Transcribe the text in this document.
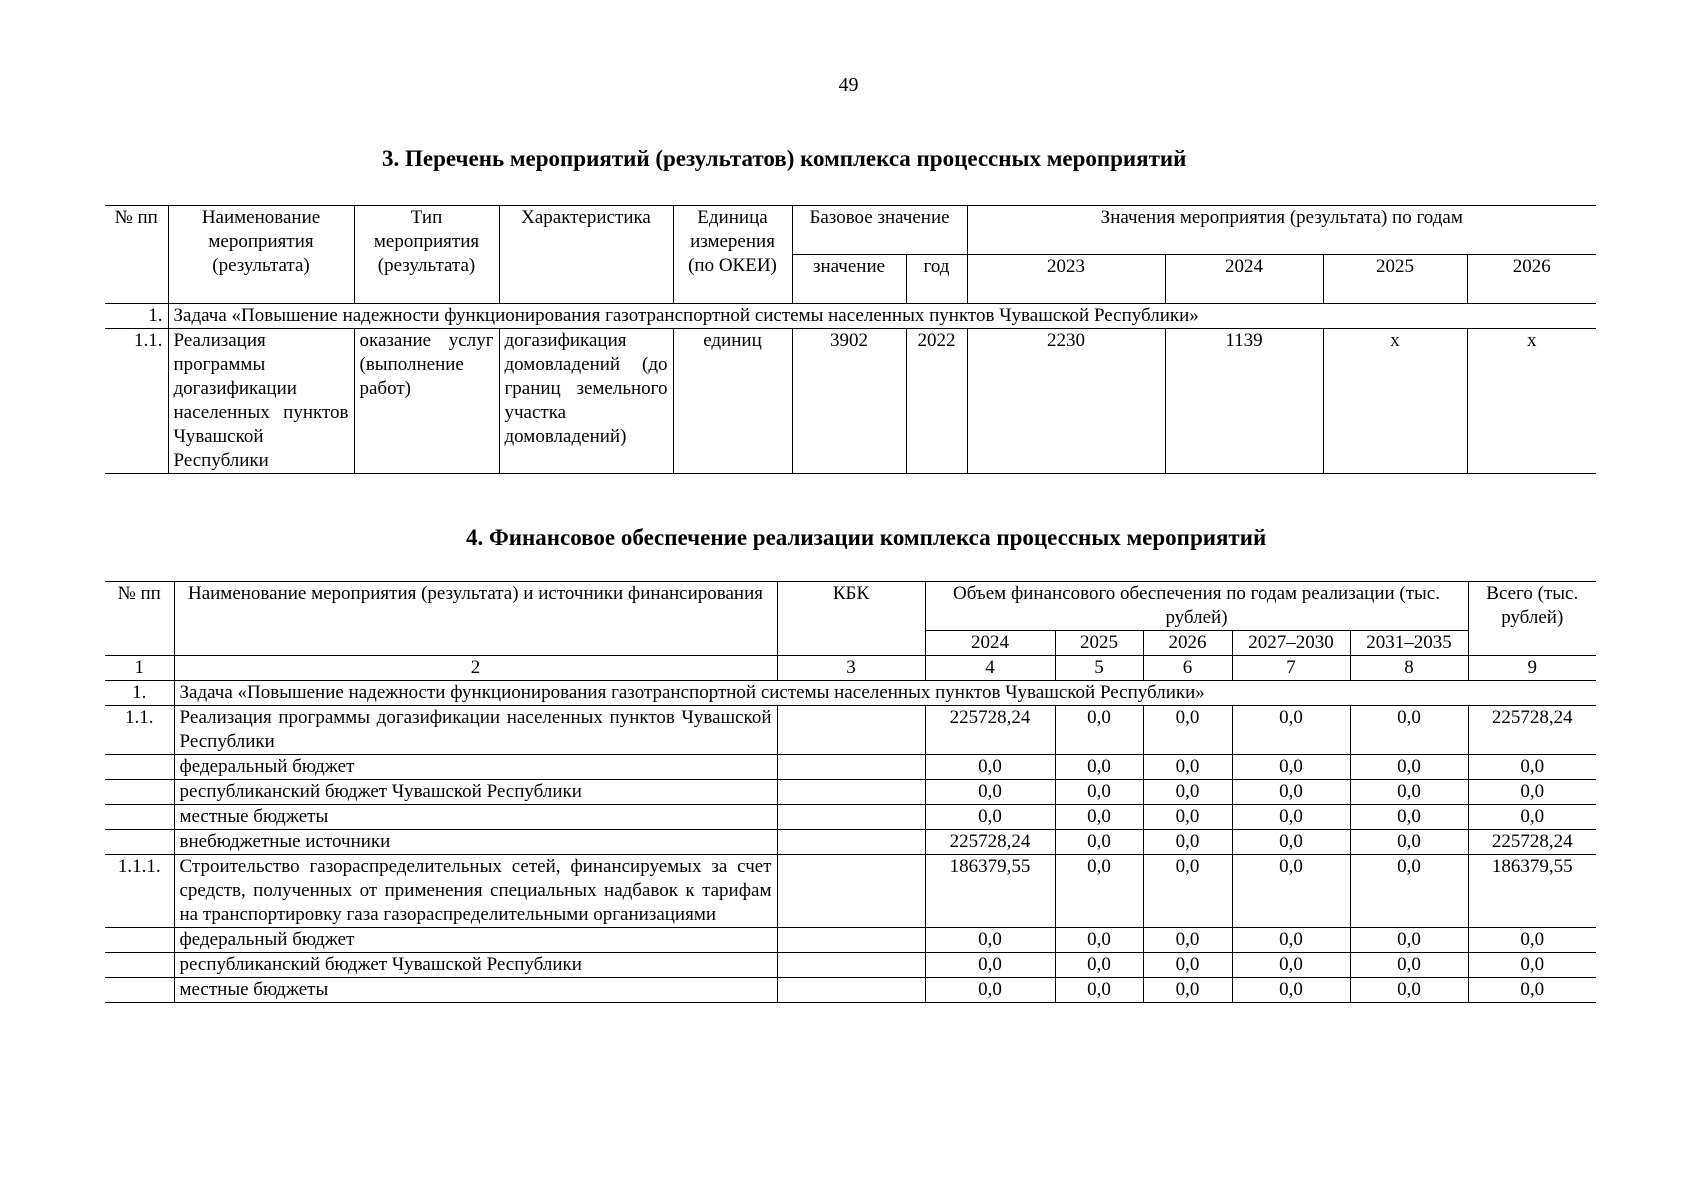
49
3. Перечень мероприятий (результатов) комплекса процессных мероприятий
№ пп	Наименование мероприятия (результата)	Тип мероприятия (результата)	Характеристика	Единица измерения (по ОКЕИ)	Базовое значение		Значения мероприятия (результата) по годам			
					значение	год	2023	2024	2025	2026
1.	Задача «Повышение надежности функционирования газотранспортной системы населенных пунктов Чувашской Республики»									
1.1.	Реализация программы догазификации населенных пунктов Чувашской Республики	оказание услуг (выполнение работ)	догазификация домовладений (до границ земельного участка домовладений)	единиц	3902	2022	2230	1139	х	х
4. Финансовое обеспечение реализации комплекса процессных мероприятий
№ пп	Наименование мероприятия (результата) и источники финансирования	КБК	Объем финансового обеспечения по годам реализации (тыс. рублей)					Всего (тыс. рублей)
			2024	2025	2026	2027–2030	2031–2035	
1	2	3	4	5	6	7	8	9
1.	Задача «Повышение надежности функционирования газотранспортной системы населенных пунктов Чувашской Республики»							
1.1.	Реализация программы догазификации населенных пунктов Чувашской Республики		225728,24	0,0	0,0	0,0	0,0	225728,24
	федеральный бюджет		0,0	0,0	0,0	0,0	0,0	0,0
	республиканский бюджет Чувашской Республики		0,0	0,0	0,0	0,0	0,0	0,0
	местные бюджеты		0,0	0,0	0,0	0,0	0,0	0,0
	внебюджетные источники		225728,24	0,0	0,0	0,0	0,0	225728,24
1.1.1.	Строительство газораспределительных сетей, финансируемых за счет средств, полученных от применения специальных надбавок к тарифам на транспортировку газа газораспределительными организациями		186379,55	0,0	0,0	0,0	0,0	186379,55
	федеральный бюджет		0,0	0,0	0,0	0,0	0,0	0,0
	республиканский бюджет Чувашской Республики		0,0	0,0	0,0	0,0	0,0	0,0
	местные бюджеты		0,0	0,0	0,0	0,0	0,0	0,0
